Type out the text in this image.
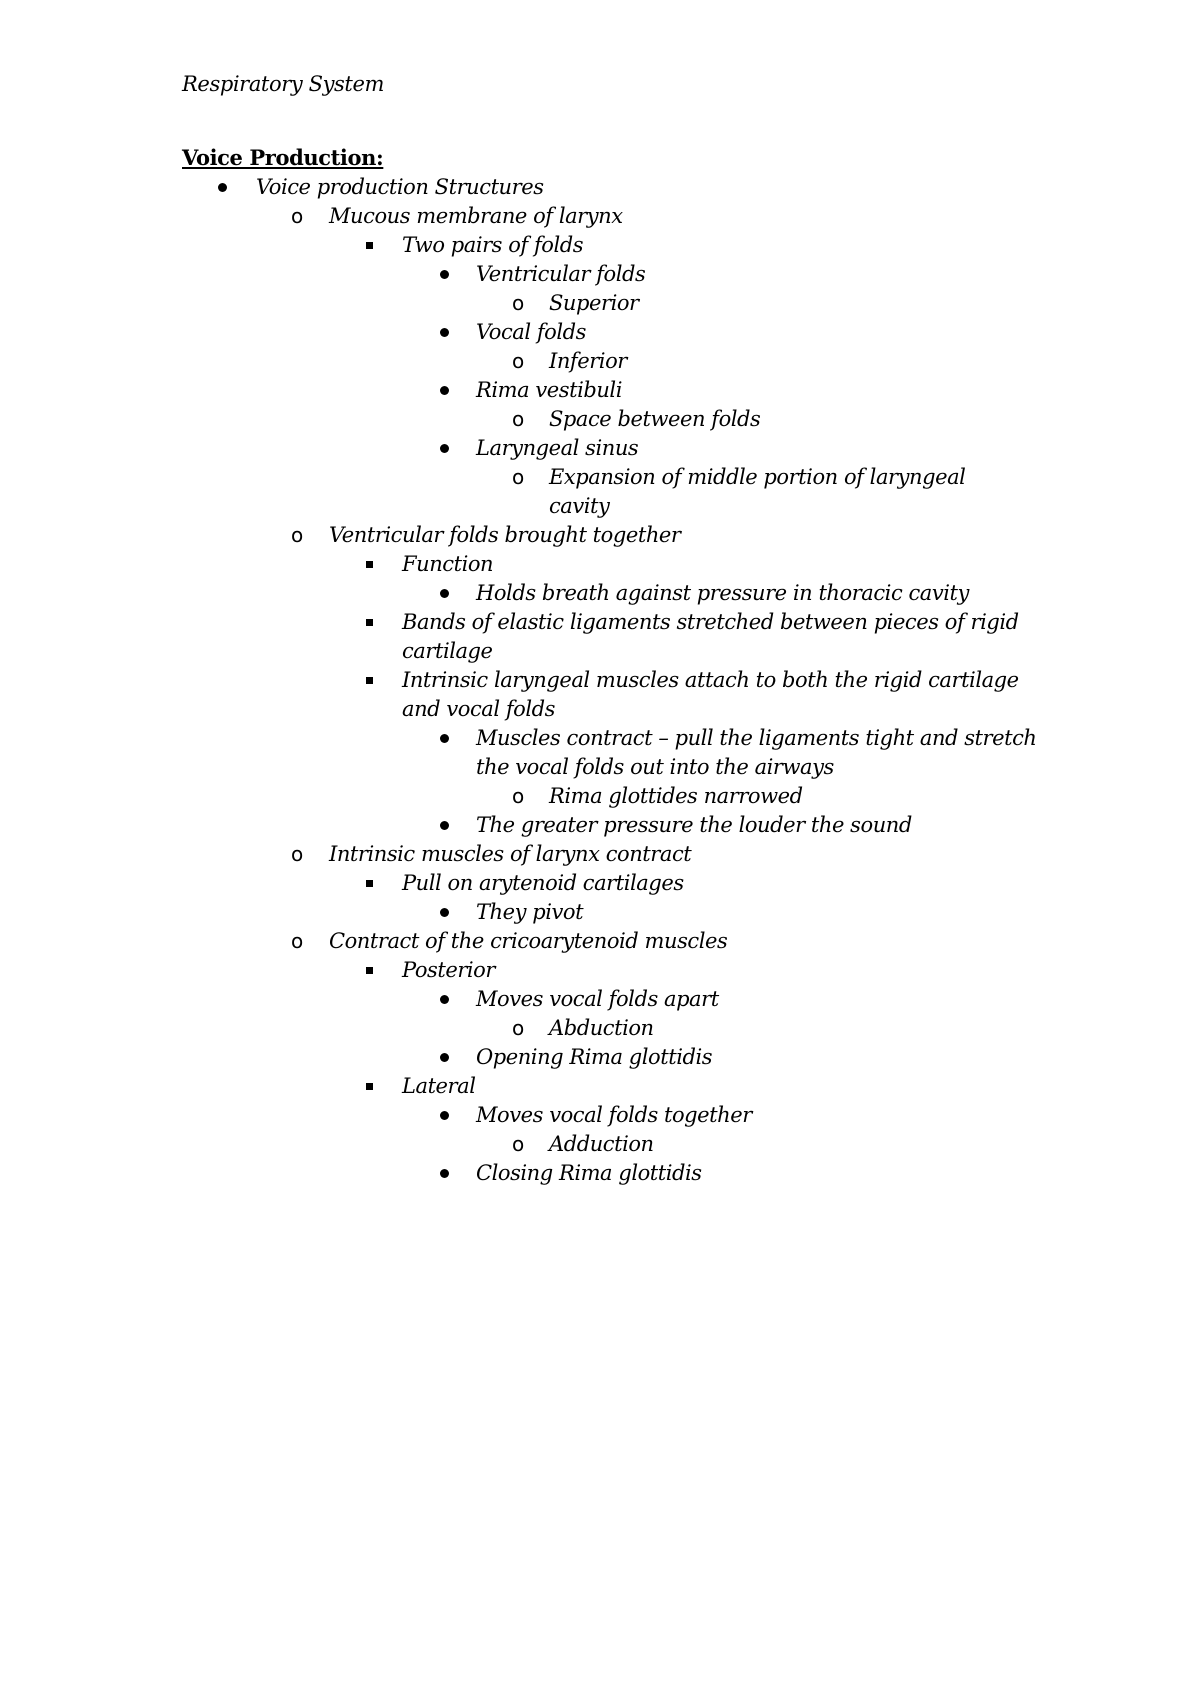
Respiratory System
Voice Production:
Voice production Structures
o Mucous membrane of larynx
Two pairs of folds
Ventricular folds
o Superior
Vocal folds
o Inferior
Rima vestibuli
o Space between folds
Laryngeal sinus
o Expansion of middle portion of laryngeal
cavity
o Ventricular folds brought together
Function
Holds breath against pressure in thoracic cavity
Bands of elastic ligaments stretched between pieces of rigid
cartilage
Intrinsic laryngeal muscles attach to both the rigid cartilage
and vocal folds
Muscles contract – pull the ligaments tight and stretch
the vocal folds out into the airways
o Rima glottides narrowed
The greater pressure the louder the sound
o Intrinsic muscles of larynx contract
Pull on arytenoid cartilages
They pivot
o Contract of the cricoarytenoid muscles
Posterior
Moves vocal folds apart
o Abduction
Opening Rima glottidis
Lateral
Moves vocal folds together
o Adduction
Closing Rima glottidis
